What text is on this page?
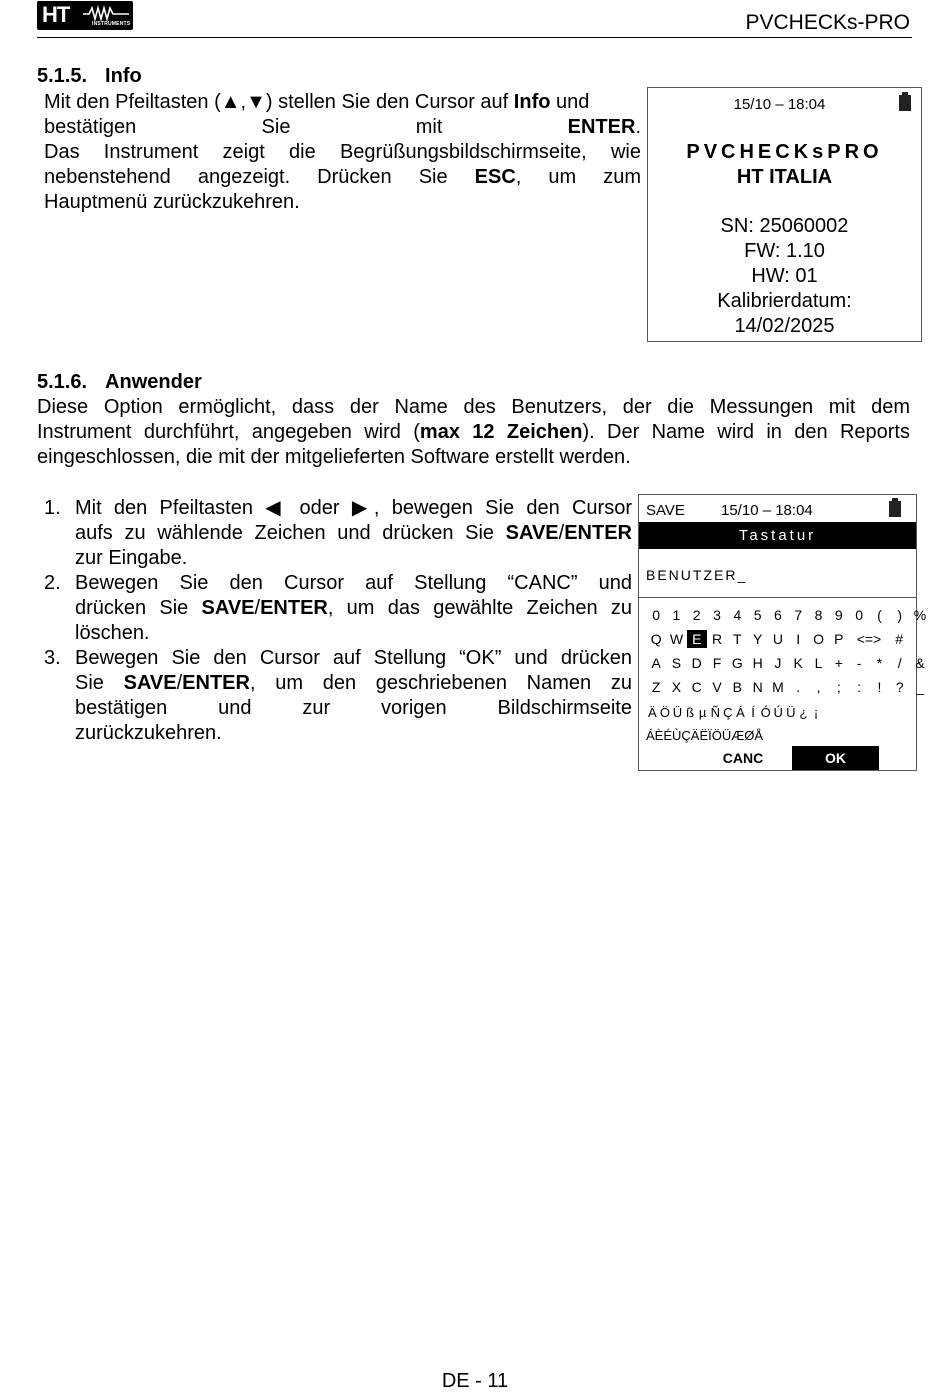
HT	INSTRUMENTS	PVCHECKs-PRO
5.1.5. Info
Mit den Pfeiltasten (▲,▼) stellen Sie den Cursor auf Info und
bestätigen Sie mit ENTER.
Das Instrument zeigt die Begrüßungsbildschirmseite, wie
nebenstehend angezeigt. Drücken Sie ESC, um zum
Hauptmenü zurückzukehren.
15/10 – 18:04
PVCHECKsPRO
HT ITALIA
SN: 25060002
FW: 1.10
HW: 01
Kalibrierdatum:
14/02/2025
5.1.6. Anwender
Diese Option ermöglicht, dass der Name des Benutzers, der die Messungen mit dem
Instrument durchführt, angegeben wird (max 12 Zeichen). Der Name wird in den Reports
eingeschlossen, die mit der mitgelieferten Software erstellt werden.
1. Mit den Pfeiltasten ◀ oder ▶, bewegen Sie den Cursor
aufs zu wählende Zeichen und drücken Sie SAVE/ENTER
zur Eingabe.
2. Bewegen Sie den Cursor auf Stellung “CANC” und
drücken Sie SAVE/ENTER, um das gewählte Zeichen zu
löschen.
3. Bewegen Sie den Cursor auf Stellung “OK” und drücken
Sie SAVE/ENTER, um den geschriebenen Namen zu
bestätigen und zur vorigen Bildschirmseite
zurückzukehren.
SAVE 15/10 – 18:04
Tastatur
BENUTZER_
0 1 2 3 4 5 6 7 8 9 0 ( ) %
Q W E R T Y U I O P <=> #
A S D F G H J K L + - * / &
Z X C V B N M . , ; : ! ? _
Ä Ö Ü ß µ Ñ Ç Á Í Ó Ú Ü ¿ ¡
ÁÈÉÙÇÄËÏÖÜÆØÅ
CANC	OK
DE - 11
